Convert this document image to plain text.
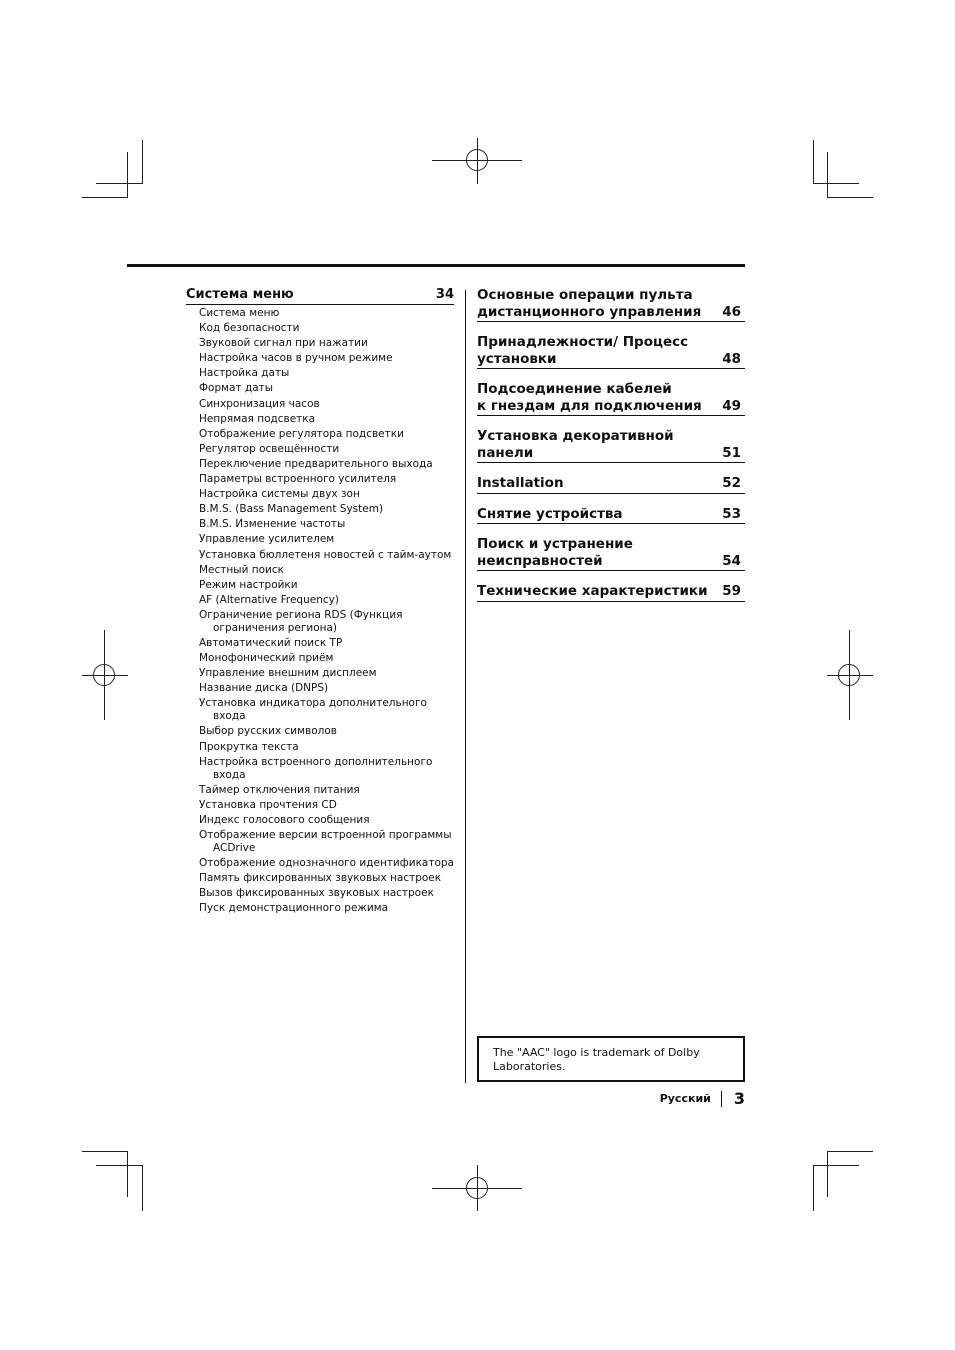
Система меню	34
Система меню
Код безопасности
Звуковой сигнал при нажатии
Настройка часов в ручном режиме
Настройка даты
Формат даты
Синхронизация часов
Непрямая подсветка
Отображение регулятора подсветки
Регулятор освещённости
Переключение предварительного выхода
Параметры встроенного усилителя
Настройка системы двух зон
B.M.S. (Bass Management System)
B.M.S. Изменение частоты
Управление усилителем
Установка бюллетеня новостей с тайм-аутом
Местный поиск
Режим настройки
AF (Alternative Frequency)
Ограничение региона RDS (Функция ограничения региона)
Автоматический поиск TP
Монофонический приём
Управление внешним дисплеем
Название диска (DNPS)
Установка индикатора дополнительного входа
Выбор русских символов
Прокрутка текста
Настройка встроенного дополнительного входа
Таймер отключения питания
Установка прочтения CD
Индекс голосового сообщения
Отображение версии встроенной программы ACDrive
Отображение однозначного идентификатора
Память фиксированных звуковых настроек
Вызов фиксированных звуковых настроек
Пуск демонстрационного режима
Основные операции пульта
дистанционного управления 46
Принадлежности/ Процесс
установки	48
Подсоединение кабелей
к гнездам для подключения 49
Установка декоративной
панели	51
Installation	52
Снятие устройства	53
Поиск и устранение
неисправностей	54
Технические характеристики 59
The "AAC" logo is trademark of Dolby Laboratories.
Русский	3
